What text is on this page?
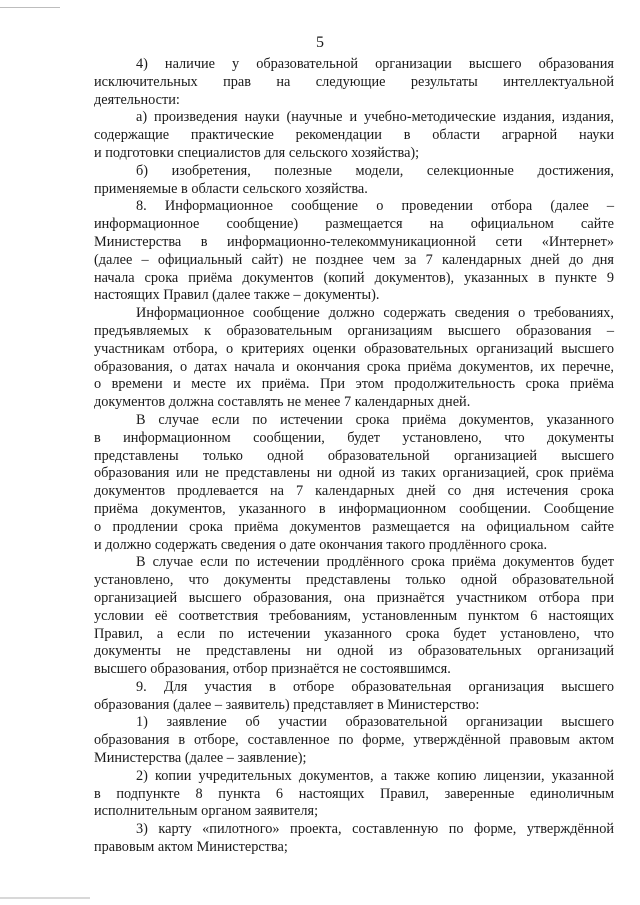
5
4) наличие у образовательной организации высшего образования
исключительных прав на следующие результаты интеллектуальной
деятельности:
а) произведения науки (научные и учебно-методические издания, издания,
содержащие практические рекомендации в области аграрной науки
и подготовки специалистов для сельского хозяйства);
б) изобретения, полезные модели, селекционные достижения,
применяемые в области сельского хозяйства.
8. Информационное сообщение о проведении отбора (далее –
информационное сообщение) размещается на официальном сайте
Министерства в информационно-телекоммуникационной сети «Интернет»
(далее – официальный сайт) не позднее чем за 7 календарных дней до дня
начала срока приёма документов (копий документов), указанных в пункте 9
настоящих Правил (далее также – документы).
Информационное сообщение должно содержать сведения о требованиях,
предъявляемых к образовательным организациям высшего образования –
участникам отбора, о критериях оценки образовательных организаций высшего
образования, о датах начала и окончания срока приёма документов, их перечне,
о времени и месте их приёма. При этом продолжительность срока приёма
документов должна составлять не менее 7 календарных дней.
В случае если по истечении срока приёма документов, указанного
в информационном сообщении, будет установлено, что документы
представлены только одной образовательной организацией высшего
образования или не представлены ни одной из таких организацией, срок приёма
документов продлевается на 7 календарных дней со дня истечения срока
приёма документов, указанного в информационном сообщении. Сообщение
о продлении срока приёма документов размещается на официальном сайте
и должно содержать сведения о дате окончания такого продлённого срока.
В случае если по истечении продлённого срока приёма документов будет
установлено, что документы представлены только одной образовательной
организацией высшего образования, она признаётся участником отбора при
условии её соответствия требованиям, установленным пунктом 6 настоящих
Правил, а если по истечении указанного срока будет установлено, что
документы не представлены ни одной из образовательных организаций
высшего образования, отбор признаётся не состоявшимся.
9. Для участия в отборе образовательная организация высшего
образования (далее – заявитель) представляет в Министерство:
1) заявление об участии образовательной организации высшего
образования в отборе, составленное по форме, утверждённой правовым актом
Министерства (далее – заявление);
2) копии учредительных документов, а также копию лицензии, указанной
в подпункте 8 пункта 6 настоящих Правил, заверенные единоличным
исполнительным органом заявителя;
3) карту «пилотного» проекта, составленную по форме, утверждённой
правовым актом Министерства;
